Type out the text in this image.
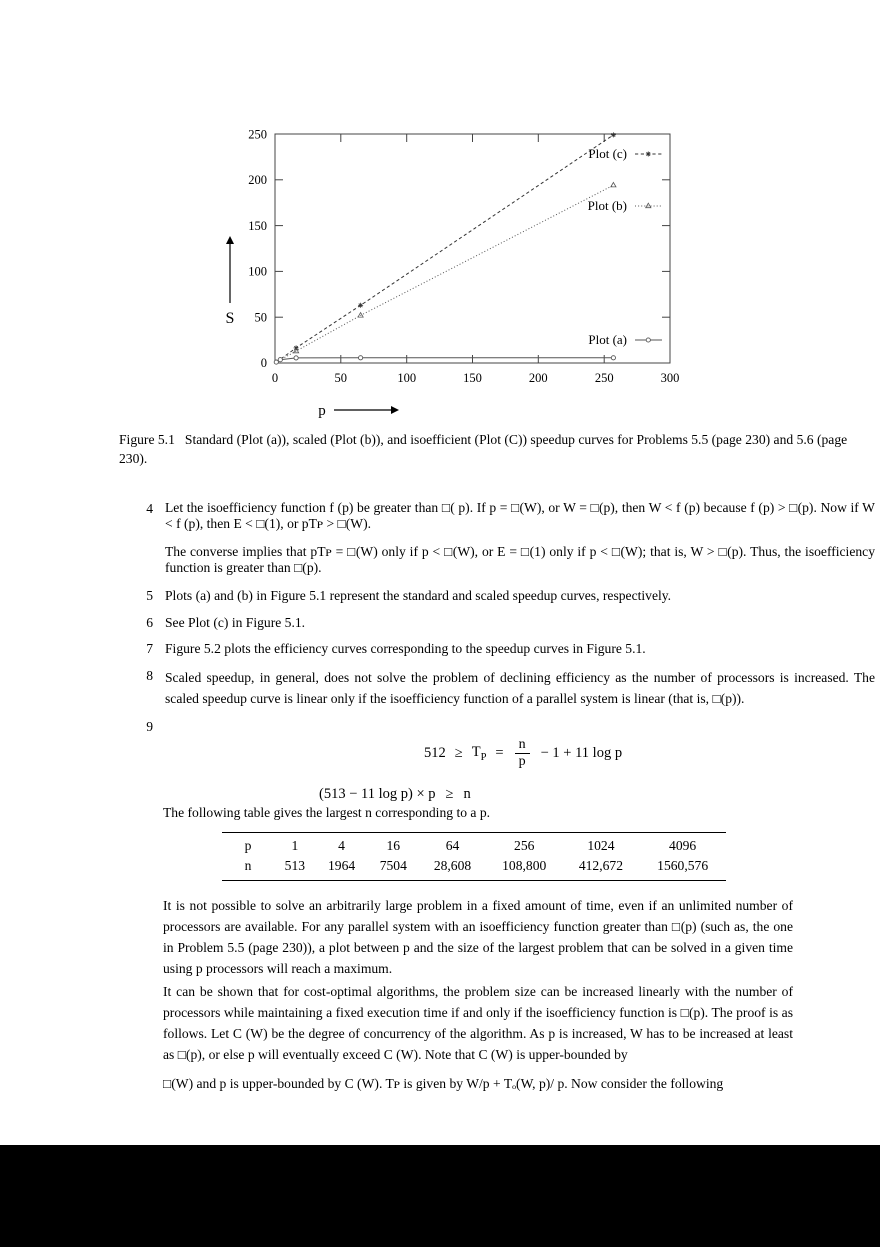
0
50
100
150
200
250
0	50	100	150	200	250	300
Plot (c)
Plot (b)
Plot (a)
S
p
Figure 5.1 Standard (Plot (a)), scaled (Plot (b)), and isoefficient (Plot (C)) speedup curves for Problems 5.5 (page 230) and 5.6 (page 230).
4 Let the isoefficiency function f (p) be greater than □( p). If p = □(W), or W = □(p), then W < f (p) because f (p) > □(p). Now if W < f (p), then E < □(1), or pTᴘ > □(W).

The converse implies that pTᴘ = □(W) only if p < □(W), or E = □(1) only if p < □(W); that is, W > □(p). Thus, the isoefficiency function is greater than □(p).

5 Plots (a) and (b) in Figure 5.1 represent the standard and scaled speedup curves, respectively.

6 See Plot (c) in Figure 5.1.

7 Figure 5.2 plots the efficiency curves corresponding to the speedup curves in Figure 5.1.

8 Scaled speedup, in general, does not solve the problem of declining efficiency as the number of processors is increased. The scaled speedup curve is linear only if the isoefficiency function of a parallel system is linear (that is, □(p)).

9
$512 \ge T_P = \frac{n}{p} - 1 + 11$ log p
(513 − 11 log p) × p ≥ n
The following table gives the largest n corresponding to a p.
p	1	4	16	64	256	1024	4096
n	513	1964	7504	28,608	108,800	412,672	1560,576

It is not possible to solve an arbitrarily large problem in a fixed amount of time, even if an unlimited number of processors are available. For any parallel system with an isoefficiency function greater than □(p) (such as, the one in Problem 5.5 (page 230)), a plot between p and the size of the largest problem that can be solved in a given time using p processors will reach a maximum.

It can be shown that for cost-optimal algorithms, the problem size can be increased linearly with the number of processors while maintaining a fixed execution time if and only if the isoefficiency function is □(p). The proof is as follows. Let C (W) be the degree of concurrency of the algorithm. As p is increased, W has to be increased at least as □(p), or else p will eventually exceed C (W). Note that C (W) is upper-bounded by
□(W) and p is upper-bounded by C (W). Tᴘ is given by W/p + Tₒ(W, p)/ p. Now consider the following
